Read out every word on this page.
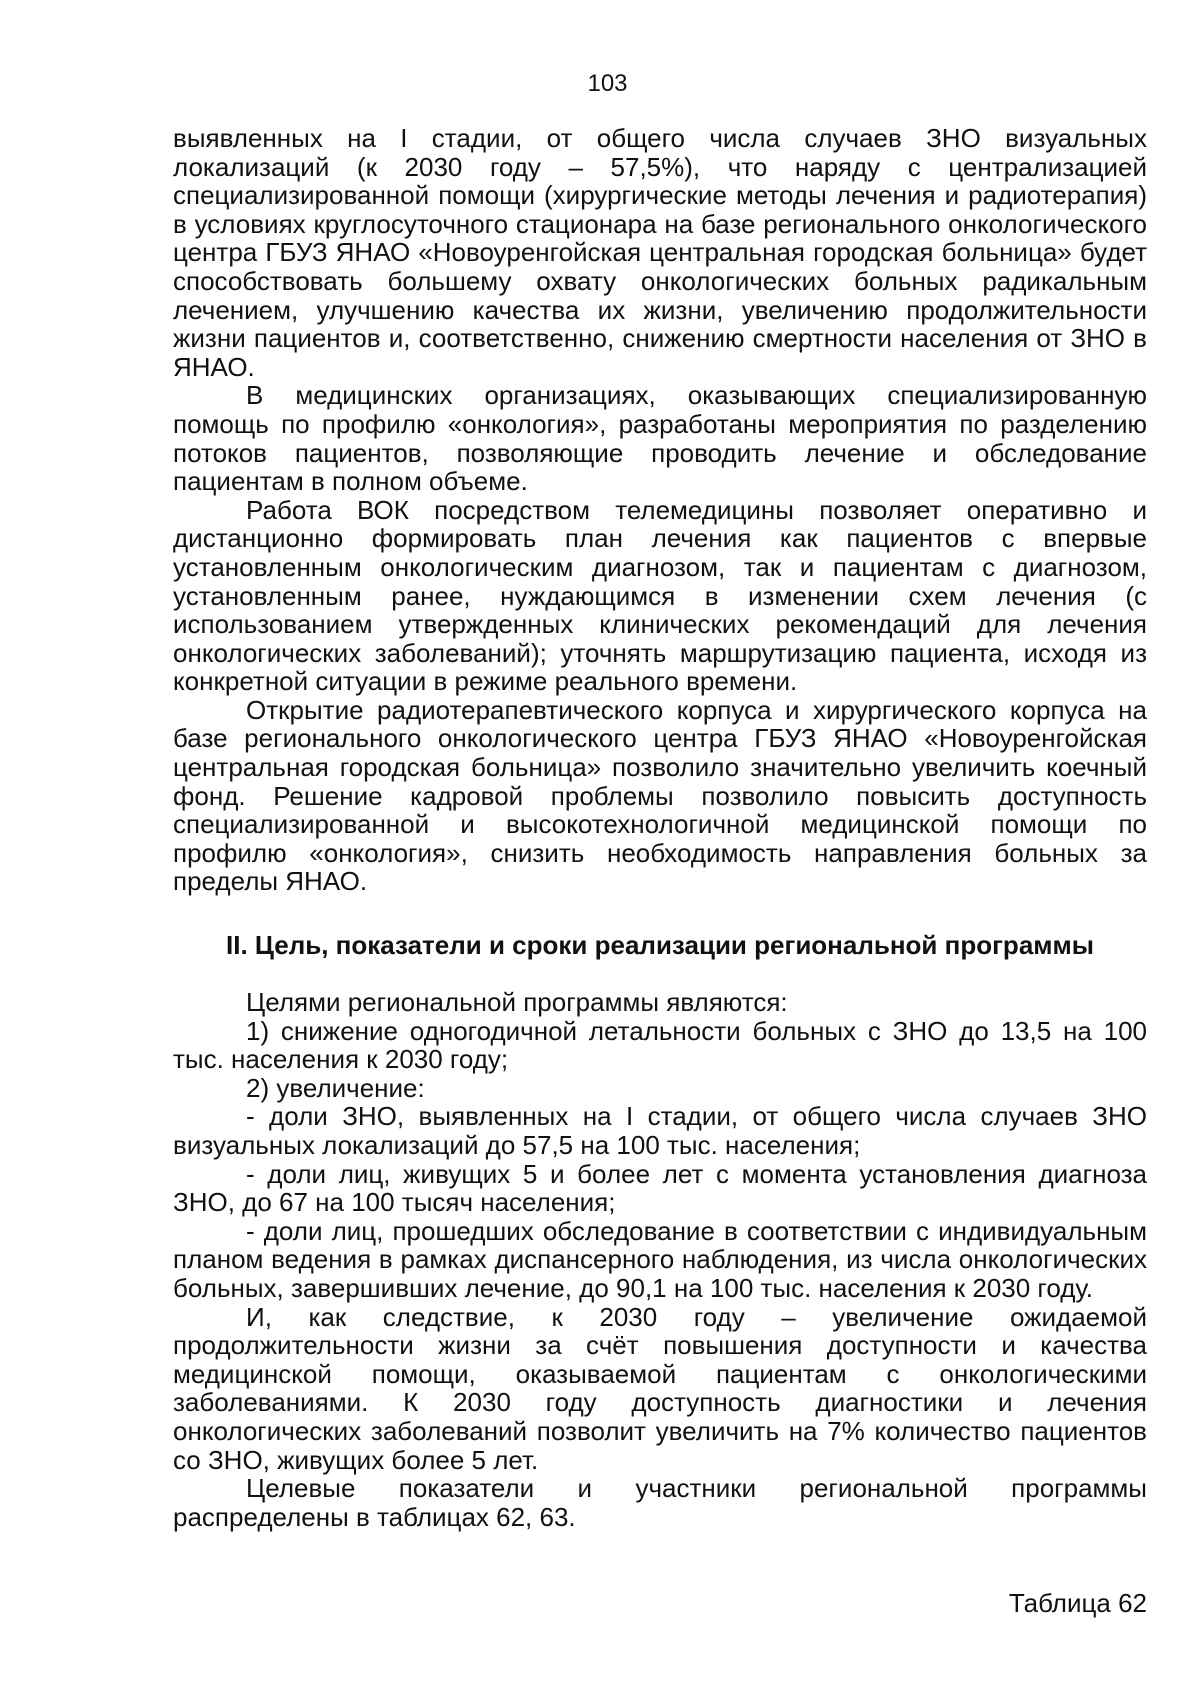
103

выявленных на I стадии, от общего числа случаев ЗНО визуальных локализаций (к 2030 году – 57,5%), что наряду с централизацией специализированной помощи (хирургические методы лечения и радиотерапия) в условиях круглосуточного стационара на базе регионального онкологического центра ГБУЗ ЯНАО «Новоуренгойская центральная городская больница» будет способствовать большему охвату онкологических больных радикальным лечением, улучшению качества их жизни, увеличению продолжительности жизни пациентов и, соответственно, снижению смертности населения от ЗНО в ЯНАО.

В медицинских организациях, оказывающих специализированную помощь по профилю «онкология», разработаны мероприятия по разделению потоков пациентов, позволяющие проводить лечение и обследование пациентам в полном объеме.

Работа ВОК посредством телемедицины позволяет оперативно и дистанционно формировать план лечения как пациентов с впервые установленным онкологическим диагнозом, так и пациентам с диагнозом, установленным ранее, нуждающимся в изменении схем лечения (с использованием утвержденных клинических рекомендаций для лечения онкологических заболеваний); уточнять маршрутизацию пациента, исходя из конкретной ситуации в режиме реального времени.

Открытие радиотерапевтического корпуса и хирургического корпуса на базе регионального онкологического центра ГБУЗ ЯНАО «Новоуренгойская центральная городская больница» позволило значительно увеличить коечный фонд. Решение кадровой проблемы позволило повысить доступность специализированной и высокотехнологичной медицинской помощи по профилю «онкология», снизить необходимость направления больных за пределы ЯНАО.

II. Цель, показатели и сроки реализации региональной программы

Целями региональной программы являются:

1) снижение одногодичной летальности больных с ЗНО до 13,5 на 100 тыс. населения к 2030 году;

2) увеличение:

- доли ЗНО, выявленных на I стадии, от общего числа случаев ЗНО визуальных локализаций до 57,5 на 100 тыс. населения;

- доли лиц, живущих 5 и более лет с момента установления диагноза ЗНО, до 67 на 100 тысяч населения;

- доли лиц, прошедших обследование в соответствии с индивидуальным планом ведения в рамках диспансерного наблюдения, из числа онкологических больных, завершивших лечение, до 90,1 на 100 тыс. населения к 2030 году.

И, как следствие, к 2030 году – увеличение ожидаемой продолжительности жизни за счёт повышения доступности и качества медицинской помощи, оказываемой пациентам с онкологическими заболеваниями. К 2030 году доступность диагностики и лечения онкологических заболеваний позволит увеличить на 7% количество пациентов со ЗНО, живущих более 5 лет.

Целевые показатели и участники региональной программы распределены в таблицах 62, 63.

Таблица 62
